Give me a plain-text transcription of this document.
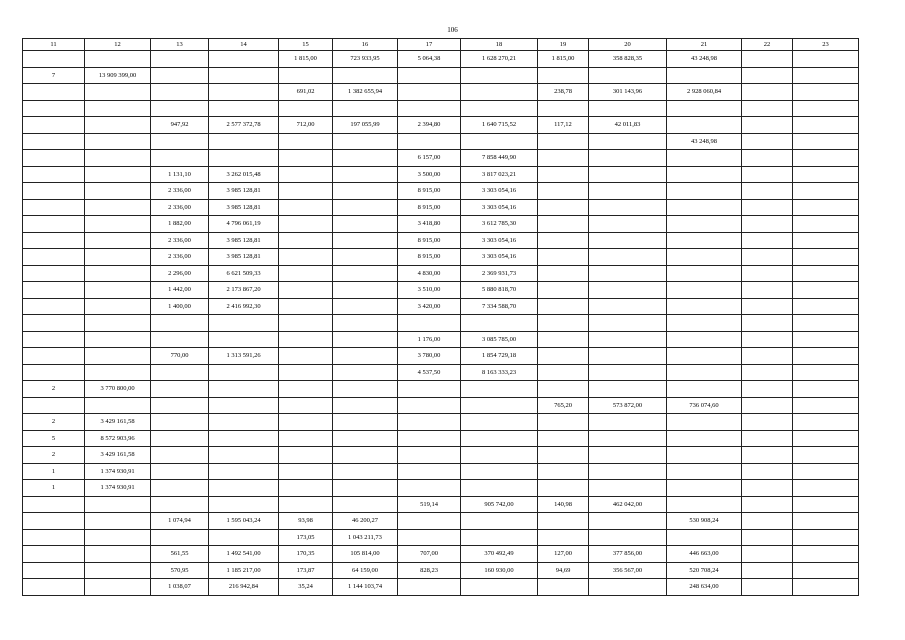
106
11	12	13	14	15	16	17	18	19	20	21	22	23
				1 815,00	723 933,95	5 064,38	1 628 270,21	1 815,00	358 828,35	43 248,98		
7	13 909 399,00											
				691,02	1 382 655,94			238,78	301 143,96	2 928 060,84		

		947,92	2 577 372,78	712,00	197 055,99	2 394,80	1 640 715,52	117,12	42 011,83			
										43 248,98		
						6 157,00	7 858 449,90					
		1 131,10	3 262 015,48			3 500,00	3 817 023,21					
		2 336,00	3 985 128,81			8 915,00	3 303 054,16					
		2 336,00	3 985 128,81			8 915,00	3 303 054,16					
		1 882,00	4 796 061,19			3 418,80	3 612 785,30					
		2 336,00	3 985 128,81			8 915,00	3 303 054,16					
		2 336,00	3 985 128,81			8 915,00	3 303 054,16					
		2 296,00	6 621 509,33			4 830,00	2 369 931,73					
		1 442,00	2 173 867,20			3 510,00	5 880 818,70					
		1 400,00	2 416 992,30			3 420,00	7 334 588,70					

						1 176,00	3 085 785,00					
		770,00	1 313 591,26			3 780,00	1 854 729,18					
						4 537,50	8 163 333,23					
2	3 770 800,00											
								765,20	573 872,00	736 074,60		
2	3 429 161,58											
5	8 572 903,96											
2	3 429 161,58											
1	1 374 930,91											
1	1 374 930,91											
						519,14	905 742,00	140,98	462 042,00			
		1 074,94	1 595 043,24	93,98	46 200,27					530 908,24		
				173,05	1 043 211,73							
		561,55	1 492 541,00	170,35	105 814,00	707,00	370 492,49	127,00	377 856,00	446 663,00		
		570,95	1 185 217,00	173,87	64 159,00	828,23	160 930,00	94,69	356 567,00	520 708,24		
		1 038,07	216 942,84	35,24	1 144 103,74					248 634,00		
